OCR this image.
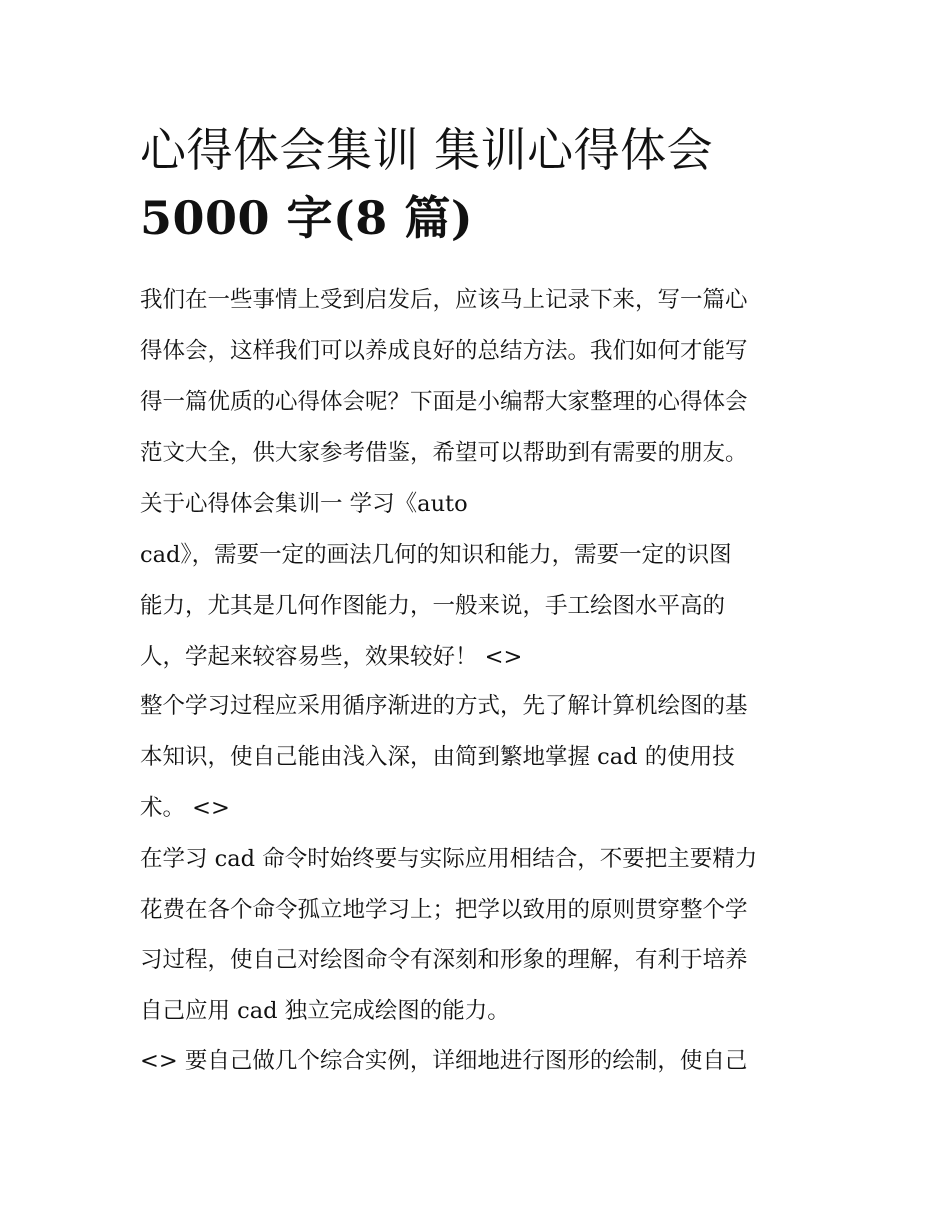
心得体会集训 集训心得体会
5000 字(8 篇)

我们在一些事情上受到启发后，应该马上记录下来，写一篇心

得体会，这样我们可以养成良好的总结方法。我们如何才能写

得一篇优质的心得体会呢？下面是小编帮大家整理的心得体会

范文大全，供大家参考借鉴，希望可以帮助到有需要的朋友。

关于心得体会集训一 学习《auto

cad》，需要一定的画法几何的知识和能力，需要一定的识图

能力，尤其是几何作图能力，一般来说，手工绘图水平高的

人，学起来较容易些，效果较好！ <>

整个学习过程应采用循序渐进的方式，先了解计算机绘图的基

本知识，使自己能由浅入深，由简到繁地掌握 cad 的使用技

术。 <>

在学习 cad 命令时始终要与实际应用相结合，不要把主要精力

花费在各个命令孤立地学习上；把学以致用的原则贯穿整个学

习过程，使自己对绘图命令有深刻和形象的理解，有利于培养

自己应用 cad 独立完成绘图的能力。

<> 要自己做几个综合实例，详细地进行图形的绘制，使自己
